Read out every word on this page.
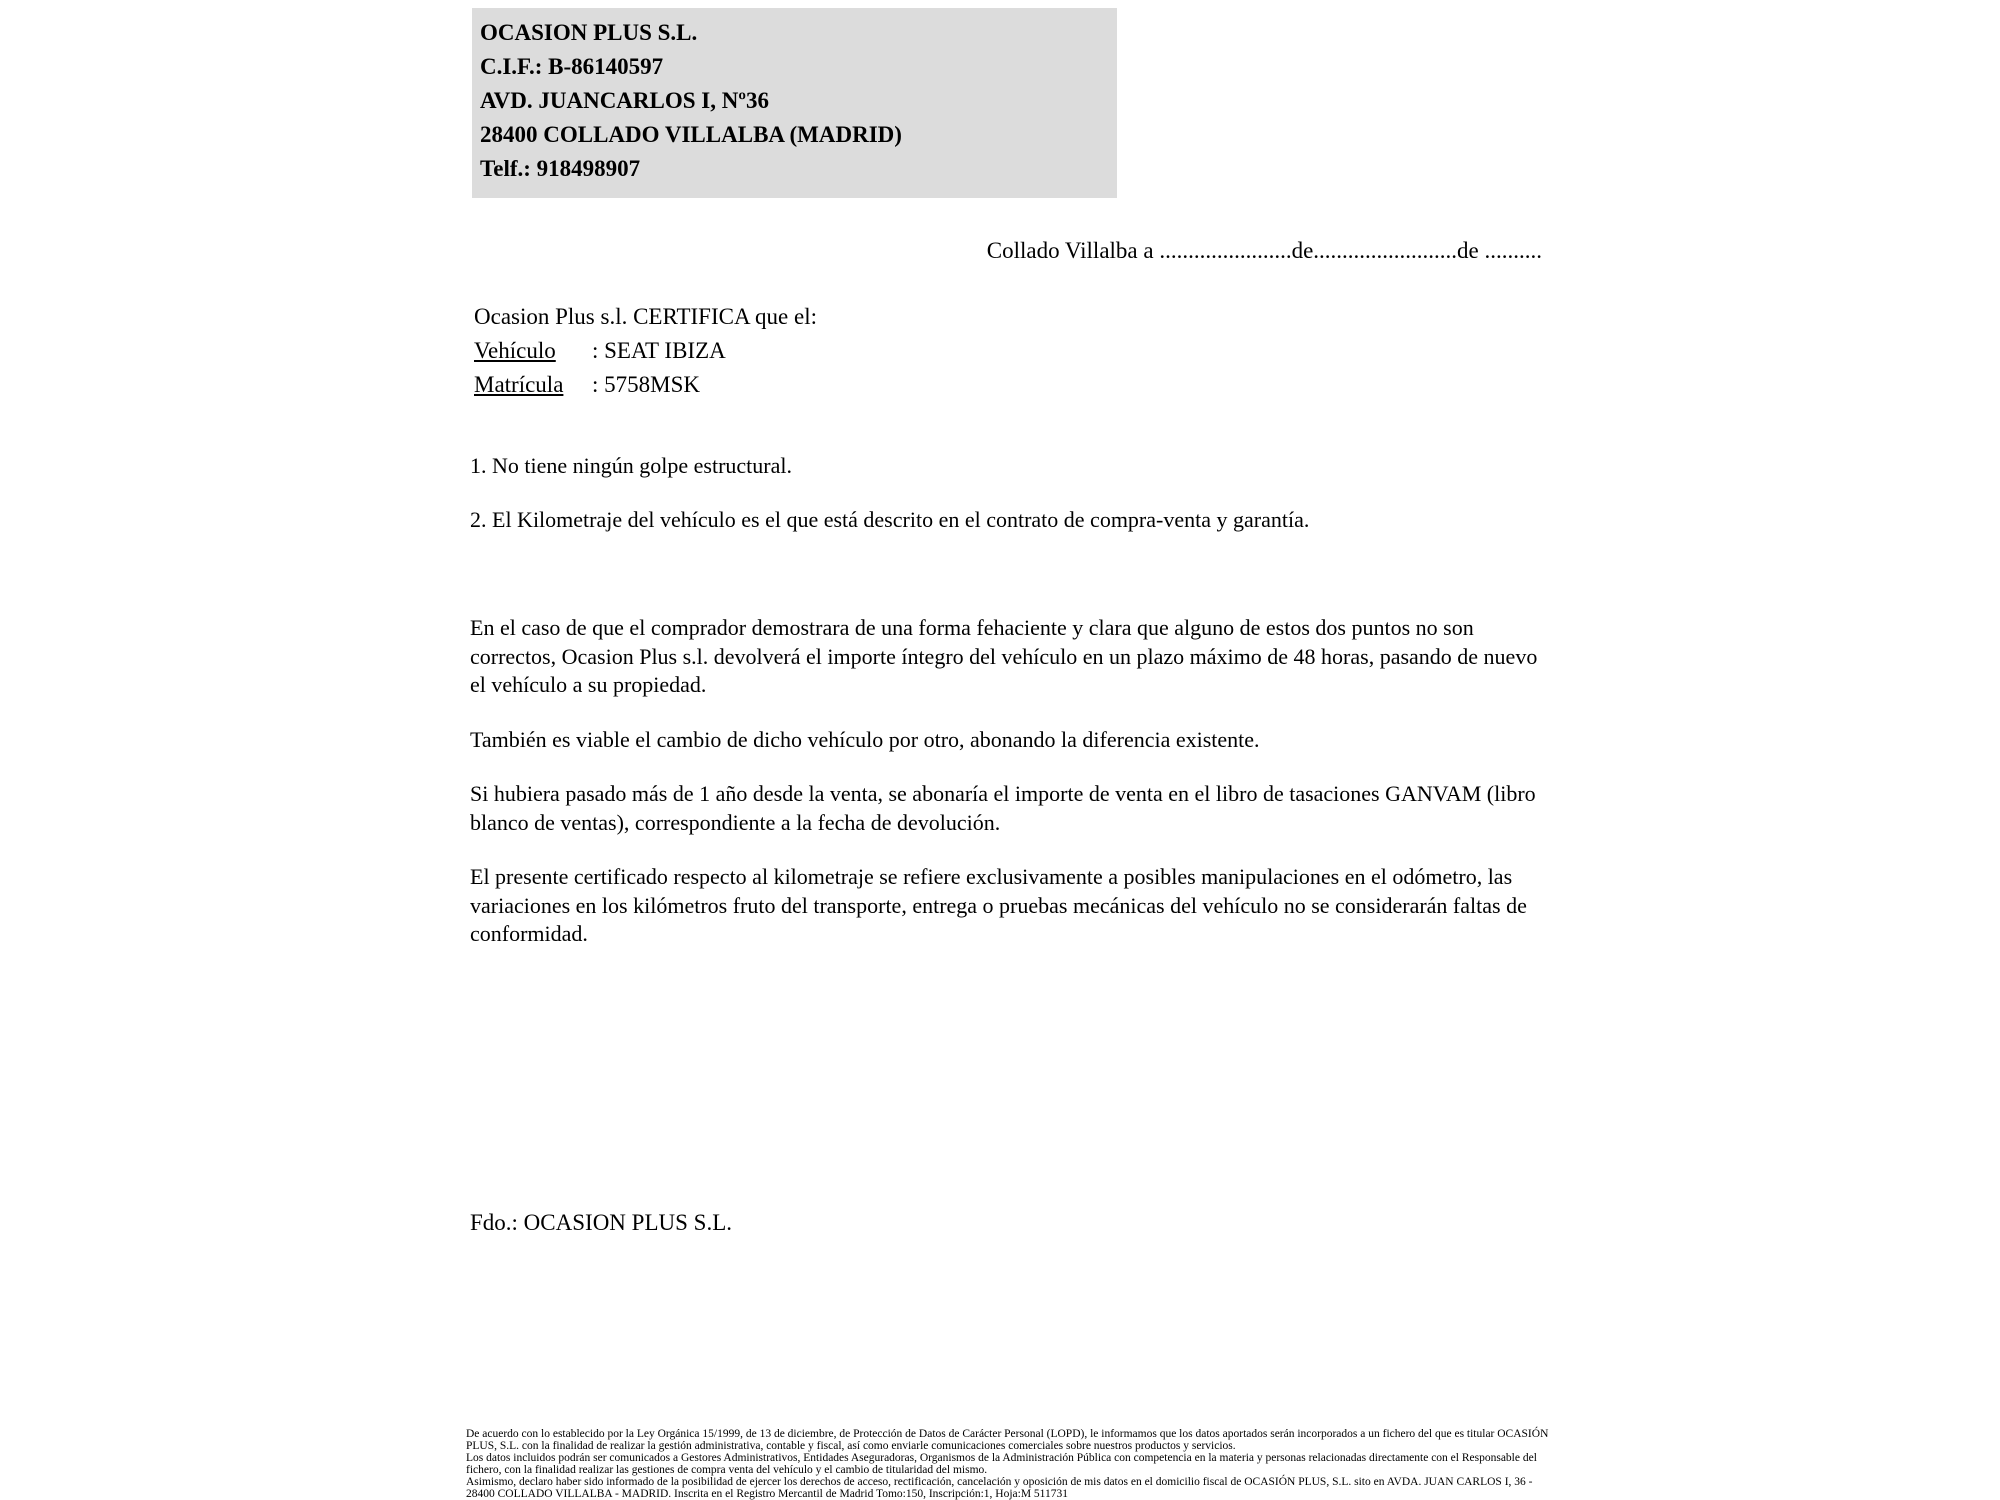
OCASION PLUS S.L.
C.I.F.: B-86140597
AVD. JUANCARLOS I, Nº36
28400 COLLADO VILLALBA (MADRID)
Telf.: 918498907
Collado Villalba a .......................de.........................de ..........
Ocasion Plus s.l. CERTIFICA que el:
Vehículo	: SEAT IBIZA
Matrícula	: 5758MSK
1. No tiene ningún golpe estructural.
2. El Kilometraje del vehículo es el que está descrito en el contrato de compra-venta y garantía.
En el caso de que el comprador demostrara de una forma fehaciente y clara que alguno de estos dos puntos no son correctos, Ocasion Plus s.l. devolverá el importe íntegro del vehículo en un plazo máximo de 48 horas, pasando de nuevo el vehículo a su propiedad.
También es viable el cambio de dicho vehículo por otro, abonando la diferencia existente.
Si hubiera pasado más de 1 año desde la venta, se abonaría el importe de venta en el libro de tasaciones GANVAM (libro blanco de ventas), correspondiente a la fecha de devolución.
El presente certificado respecto al kilometraje se refiere exclusivamente a posibles manipulaciones en el odómetro, las variaciones en los kilómetros fruto del transporte, entrega o pruebas mecánicas del vehículo no se considerarán faltas de conformidad.
Fdo.: OCASION PLUS S.L.

De acuerdo con lo establecido por la Ley Orgánica 15/1999, de 13 de diciembre, de Protección de Datos de Carácter Personal (LOPD), le informamos que los datos aportados serán incorporados a un fichero del que es titular OCASIÓN PLUS, S.L. con la finalidad de realizar la gestión administrativa, contable y fiscal, así como enviarle comunicaciones comerciales sobre nuestros productos y servicios.

Los datos incluidos podrán ser comunicados a Gestores Administrativos, Entidades Aseguradoras, Organismos de la Administración Pública con competencia en la materia y personas relacionadas directamente con el Responsable del fichero, con la finalidad realizar las gestiones de compra venta del vehículo y el cambio de titularidad del mismo.

Asimismo, declaro haber sido informado de la posibilidad de ejercer los derechos de acceso, rectificación, cancelación y oposición de mis datos en el domicilio fiscal de OCASIÓN PLUS, S.L. sito en AVDA. JUAN CARLOS I, 36 - 28400 COLLADO VILLALBA - MADRID. Inscrita en el Registro Mercantil de Madrid Tomo:150, Inscripción:1, Hoja:M 511731
